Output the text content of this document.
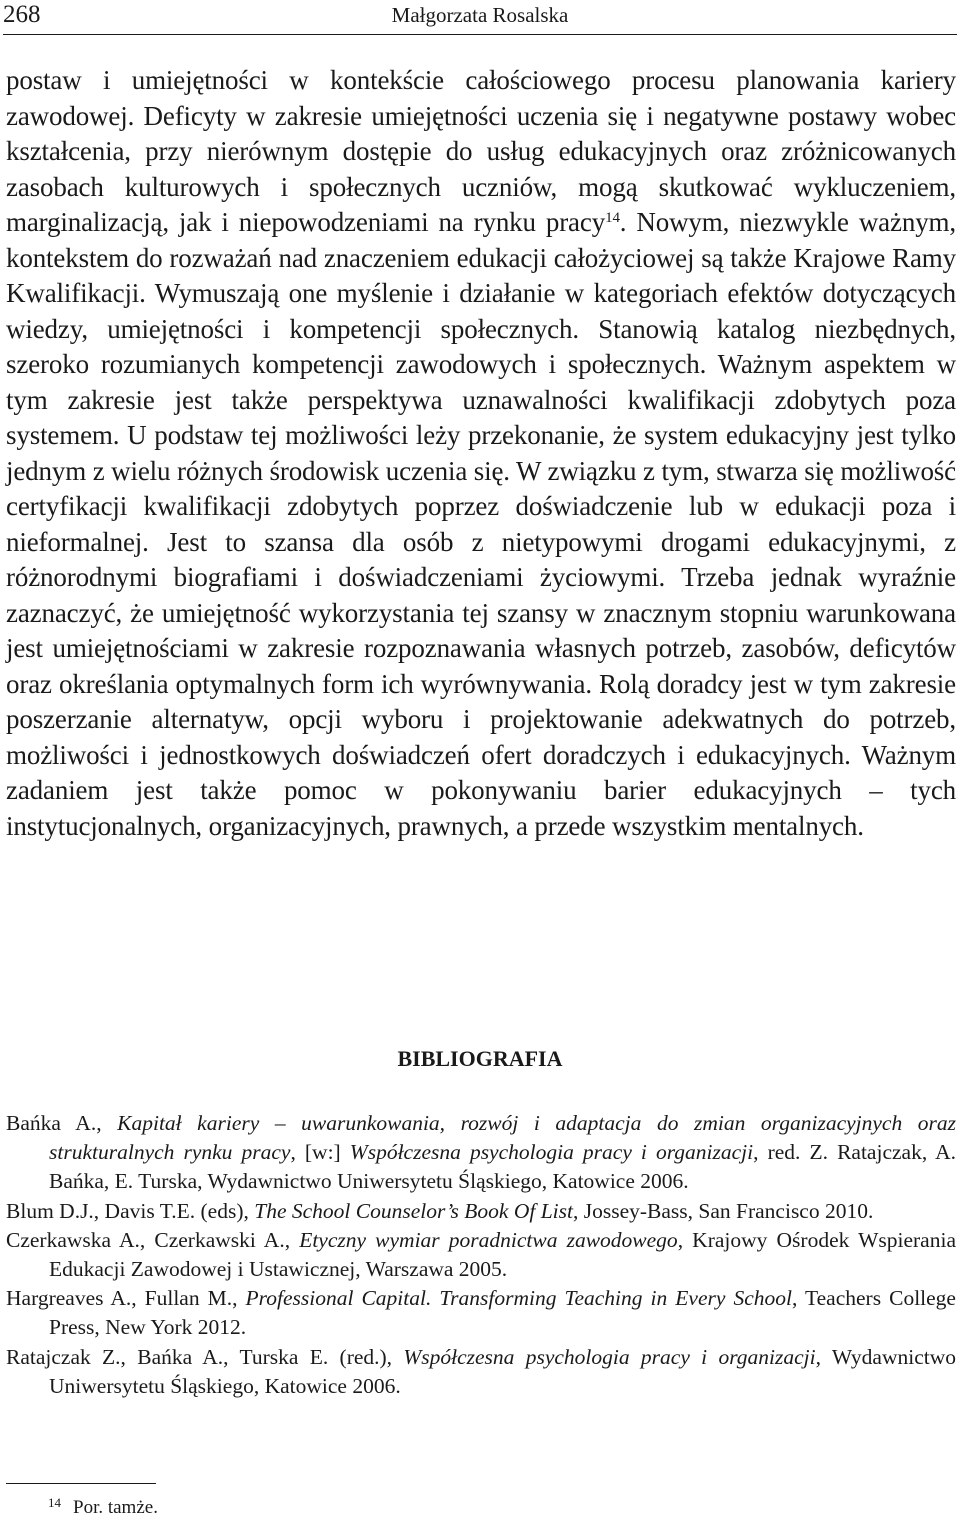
268	Małgorzata Rosalska
postaw i umiejętności w kontekście całościowego procesu planowania kariery zawodowej. Deficyty w zakresie umiejętności uczenia się i negatywne postawy wobec kształcenia, przy nierównym dostępie do usług edukacyjnych oraz zróżnicowanych zasobach kulturowych i społecznych uczniów, mogą skutkować wykluczeniem, marginalizacją, jak i niepowodzeniami na rynku pracy$^{14}$. Nowym, niezwykle ważnym, kontekstem do rozważań nad znaczeniem edukacji całożyciowej są także Krajowe Ramy Kwalifikacji. Wymuszają one myślenie i działanie w kategoriach efektów dotyczących wiedzy, umiejętności i kompetencji społecznych. Stanowią katalog niezbędnych, szeroko rozumianych kompetencji zawodowych i społecznych. Ważnym aspektem w tym zakresie jest także perspektywa uznawalności kwalifikacji zdobytych poza systemem. U podstaw tej możliwości leży przekonanie, że system edukacyjny jest tylko jednym z wielu różnych środowisk uczenia się. W związku z tym, stwarza się możliwość certyfikacji kwalifikacji zdobytych poprzez doświadczenie lub w edukacji poza i nieformalnej. Jest to szansa dla osób z nietypowymi drogami edukacyjnymi, z różnorodnymi biografiami i doświadczeniami życiowymi. Trzeba jednak wyraźnie zaznaczyć, że umiejętność wykorzystania tej szansy w znacznym stopniu warunkowana jest umiejętnościami w zakresie rozpoznawania własnych potrzeb, zasobów, deficytów oraz określania optymalnych form ich wyrównywania. Rolą doradcy jest w tym zakresie poszerzanie alternatyw, opcji wyboru i projektowanie adekwatnych do potrzeb, możliwości i jednostkowych doświadczeń ofert doradczych i edukacyjnych. Ważnym zadaniem jest także pomoc w pokonywaniu barier edukacyjnych – tych instytucjonalnych, organizacyjnych, prawnych, a przede wszystkim mentalnych.
BIBLIOGRAFIA

Bańka A., Kapitał kariery – uwarunkowania, rozwój i adaptacja do zmian organizacyjnych oraz strukturalnych rynku pracy, [w:] Współczesna psychologia pracy i organizacji, red. Z. Ratajczak, A. Bańka, E. Turska, Wydawnictwo Uniwersytetu Śląskiego, Katowice 2006.

Blum D.J., Davis T.E. (eds), The School Counselor’s Book Of List, Jossey-Bass, San Francisco 2010.

Czerkawska A., Czerkawski A., Etyczny wymiar poradnictwa zawodowego, Krajowy Ośrodek Wspierania Edukacji Zawodowej i Ustawicznej, Warszawa 2005.

Hargreaves A., Fullan M., Professional Capital. Transforming Teaching in Every School, Teachers College Press, New York 2012.

Ratajczak Z., Bańka A., Turska E. (red.), Współczesna psychologia pracy i organizacji, Wydawnictwo Uniwersytetu Śląskiego, Katowice 2006.

$^{14}$ Por. tamże.
